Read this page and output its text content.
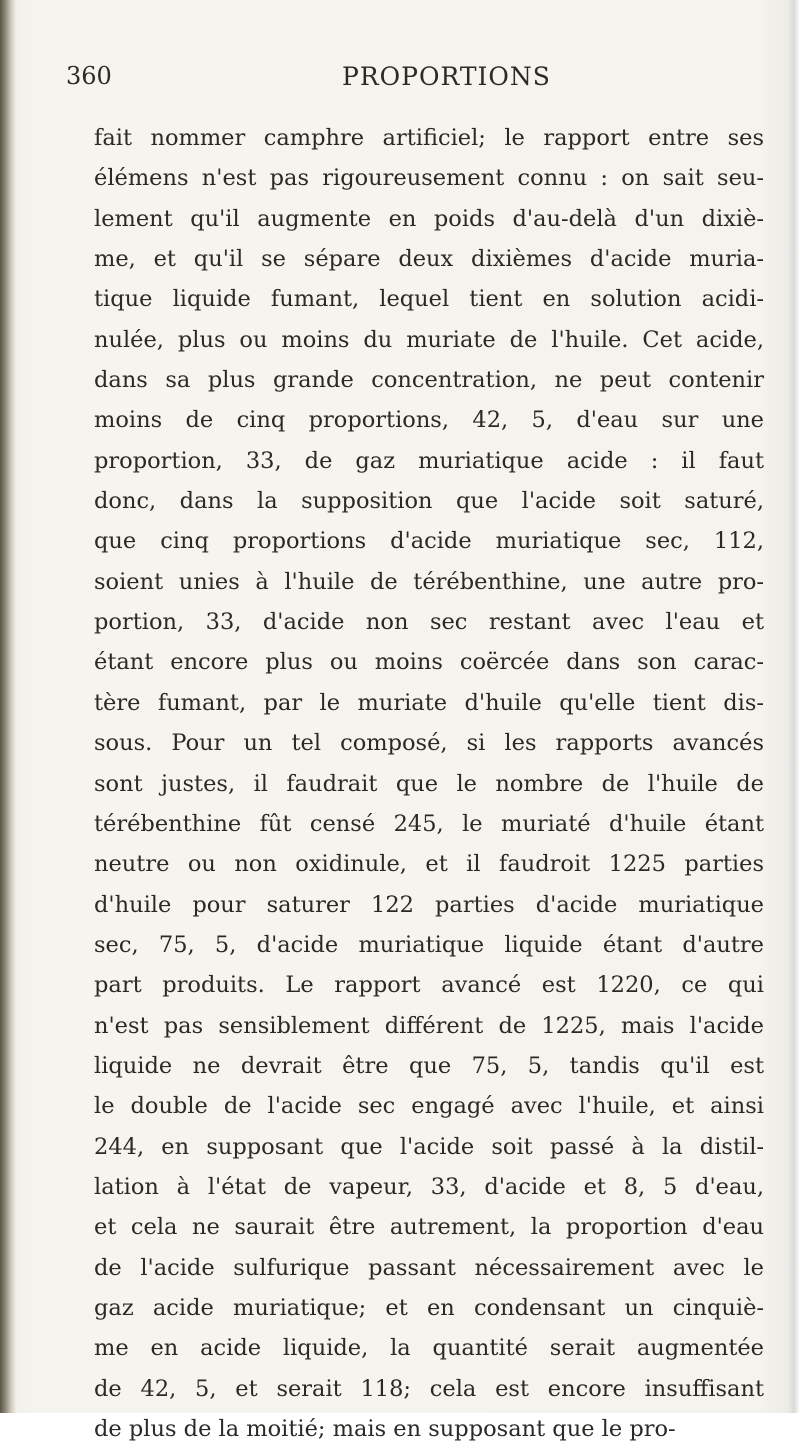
360	PROPORTIONS
fait nommer camphre artificiel; le rapport entre ses
élémens n'est pas rigoureusement connu : on sait seu-
lement qu'il augmente en poids d'au-delà d'un dixiè-
me, et qu'il se sépare deux dixièmes d'acide muria-
tique liquide fumant, lequel tient en solution acidi-
nulée, plus ou moins du muriate de l'huile. Cet acide,
dans sa plus grande concentration, ne peut contenir
moins de cinq proportions, 42, 5, d'eau sur une
proportion, 33, de gaz muriatique acide : il faut
donc, dans la supposition que l'acide soit saturé,
que cinq proportions d'acide muriatique sec, 112,
soient unies à l'huile de térébenthine, une autre pro-
portion, 33, d'acide non sec restant avec l'eau et
étant encore plus ou moins coërcée dans son carac-
tère fumant, par le muriate d'huile qu'elle tient dis-
sous. Pour un tel composé, si les rapports avancés
sont justes, il faudrait que le nombre de l'huile de
térébenthine fût censé 245, le muriaté d'huile étant
neutre ou non oxidinule, et il faudroit 1225 parties
d'huile pour saturer 122 parties d'acide muriatique
sec, 75, 5, d'acide muriatique liquide étant d'autre
part produits. Le rapport avancé est 1220, ce qui
n'est pas sensiblement différent de 1225, mais l'acide
liquide ne devrait être que 75, 5, tandis qu'il est
le double de l'acide sec engagé avec l'huile, et ainsi
244, en supposant que l'acide soit passé à la distil-
lation à l'état de vapeur, 33, d'acide et 8, 5 d'eau,
et cela ne saurait être autrement, la proportion d'eau
de l'acide sulfurique passant nécessairement avec le
gaz acide muriatique; et en condensant un cinquiè-
me en acide liquide, la quantité serait augmentée
de 42, 5, et serait 118; cela est encore insuffisant
de plus de la moitié; mais en supposant que le pro-
